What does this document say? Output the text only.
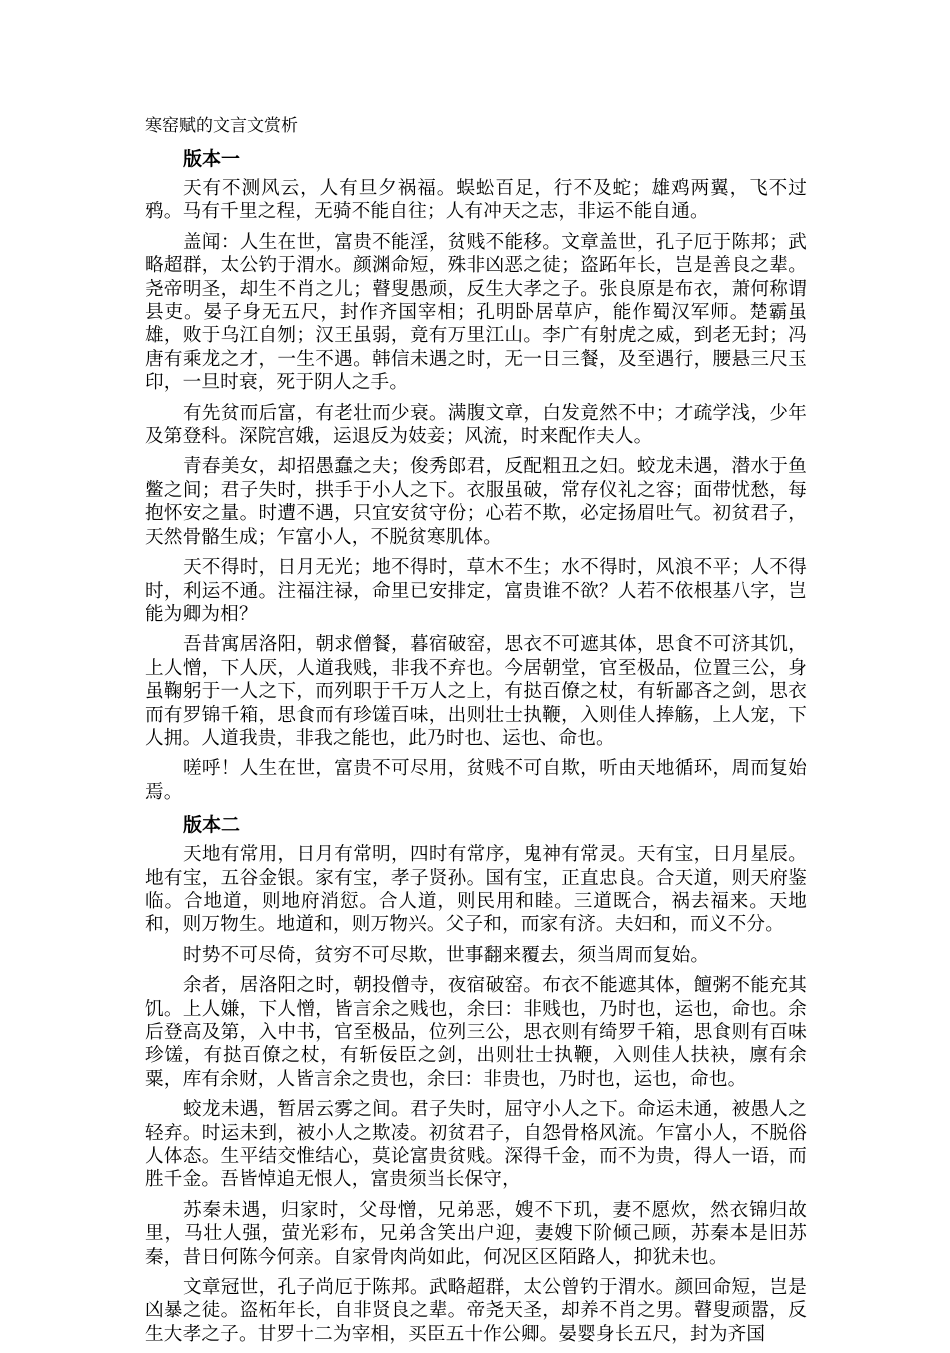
寒窑赋的文言文赏析
版本一

天有不测风云，人有旦夕祸福。蜈蚣百足，行不及蛇；雄鸡两翼，飞不过鸦。马有千里之程，无骑不能自往；人有冲天之志，非运不能自通。

盖闻：人生在世，富贵不能淫，贫贱不能移。文章盖世，孔子厄于陈邦；武略超群，太公钓于渭水。颜渊命短，殊非凶恶之徒；盗跖年长，岂是善良之辈。尧帝明圣，却生不肖之儿；瞽叟愚顽，反生大孝之子。张良原是布衣，萧何称谓县吏。晏子身无五尺，封作齐国宰相；孔明卧居草庐，能作蜀汉军师。楚霸虽雄，败于乌江自刎；汉王虽弱，竟有万里江山。李广有射虎之威，到老无封；冯唐有乘龙之才，一生不遇。韩信未遇之时，无一日三餐，及至遇行，腰悬三尺玉印，一旦时衰，死于阴人之手。

有先贫而后富，有老壮而少衰。满腹文章，白发竟然不中；才疏学浅，少年及第登科。深院宫娥，运退反为妓妾；风流，时来配作夫人。

青春美女，却招愚蠢之夫；俊秀郎君，反配粗丑之妇。蛟龙未遇，潜水于鱼鳖之间；君子失时，拱手于小人之下。衣服虽破，常存仪礼之容；面带忧愁，每抱怀安之量。时遭不遇，只宜安贫守份；心若不欺，必定扬眉吐气。初贫君子，天然骨骼生成；乍富小人，不脱贫寒肌体。

天不得时，日月无光；地不得时，草木不生；水不得时，风浪不平；人不得时，利运不通。注福注禄，命里已安排定，富贵谁不欲？人若不依根基八字，岂能为卿为相？

吾昔寓居洛阳，朝求僧餐，暮宿破窑，思衣不可遮其体，思食不可济其饥，上人憎，下人厌，人道我贱，非我不弃也。今居朝堂，官至极品，位置三公，身虽鞠躬于一人之下，而列职于千万人之上，有挞百僚之杖，有斩鄙吝之剑，思衣而有罗锦千箱，思食而有珍馐百味，出则壮士执鞭，入则佳人捧觞，上人宠，下人拥。人道我贵，非我之能也，此乃时也、运也、命也。

嗟呼！人生在世，富贵不可尽用，贫贱不可自欺，听由天地循环，周而复始焉。

版本二

天地有常用，日月有常明，四时有常序，鬼神有常灵。天有宝，日月星辰。地有宝，五谷金银。家有宝，孝子贤孙。国有宝，正直忠良。合天道，则天府鉴临。合地道，则地府消愆。合人道，则民用和睦。三道既合，祸去福来。天地和，则万物生。地道和，则万物兴。父子和，而家有济。夫妇和，而义不分。

时势不可尽倚，贫穷不可尽欺，世事翻来覆去，须当周而复始。

余者，居洛阳之时，朝投僧寺，夜宿破窑。布衣不能遮其体，饘粥不能充其饥。上人嫌，下人憎，皆言余之贱也，余曰：非贱也，乃时也，运也，命也。余后登高及第，入中书，官至极品，位列三公，思衣则有绮罗千箱，思食则有百味珍馐，有挞百僚之杖，有斩佞臣之剑，出则壮士执鞭，入则佳人扶袂，廪有余粟，库有余财，人皆言余之贵也，余曰：非贵也，乃时也，运也，命也。

蛟龙未遇，暂居云雾之间。君子失时，屈守小人之下。命运未通，被愚人之轻弃。时运未到，被小人之欺凌。初贫君子，自怨骨格风流。乍富小人，不脱俗人体态。生平结交惟结心，莫论富贵贫贱。深得千金，而不为贵，得人一语，而胜千金。吾皆悼追无恨人，富贵须当长保守，

苏秦未遇，归家时，父母憎，兄弟恶，嫂不下玑，妻不愿炊，然衣锦归故里，马壮人强，萤光彩布，兄弟含笑出户迎，妻嫂下阶倾己顾，苏秦本是旧苏秦，昔日何陈今何亲。自家骨肉尚如此，何况区区陌路人，抑犹未也。

文章冠世，孔子尚厄于陈邦。武略超群，太公曾钓于渭水。颜回命短，岂是凶暴之徒。盗柘年长，自非贤良之辈。帝尧天圣，却养不肖之男。瞽叟顽嚣，反生大孝之子。甘罗十二为宰相，买臣五十作公卿。晏婴身长五尺，封为齐国
